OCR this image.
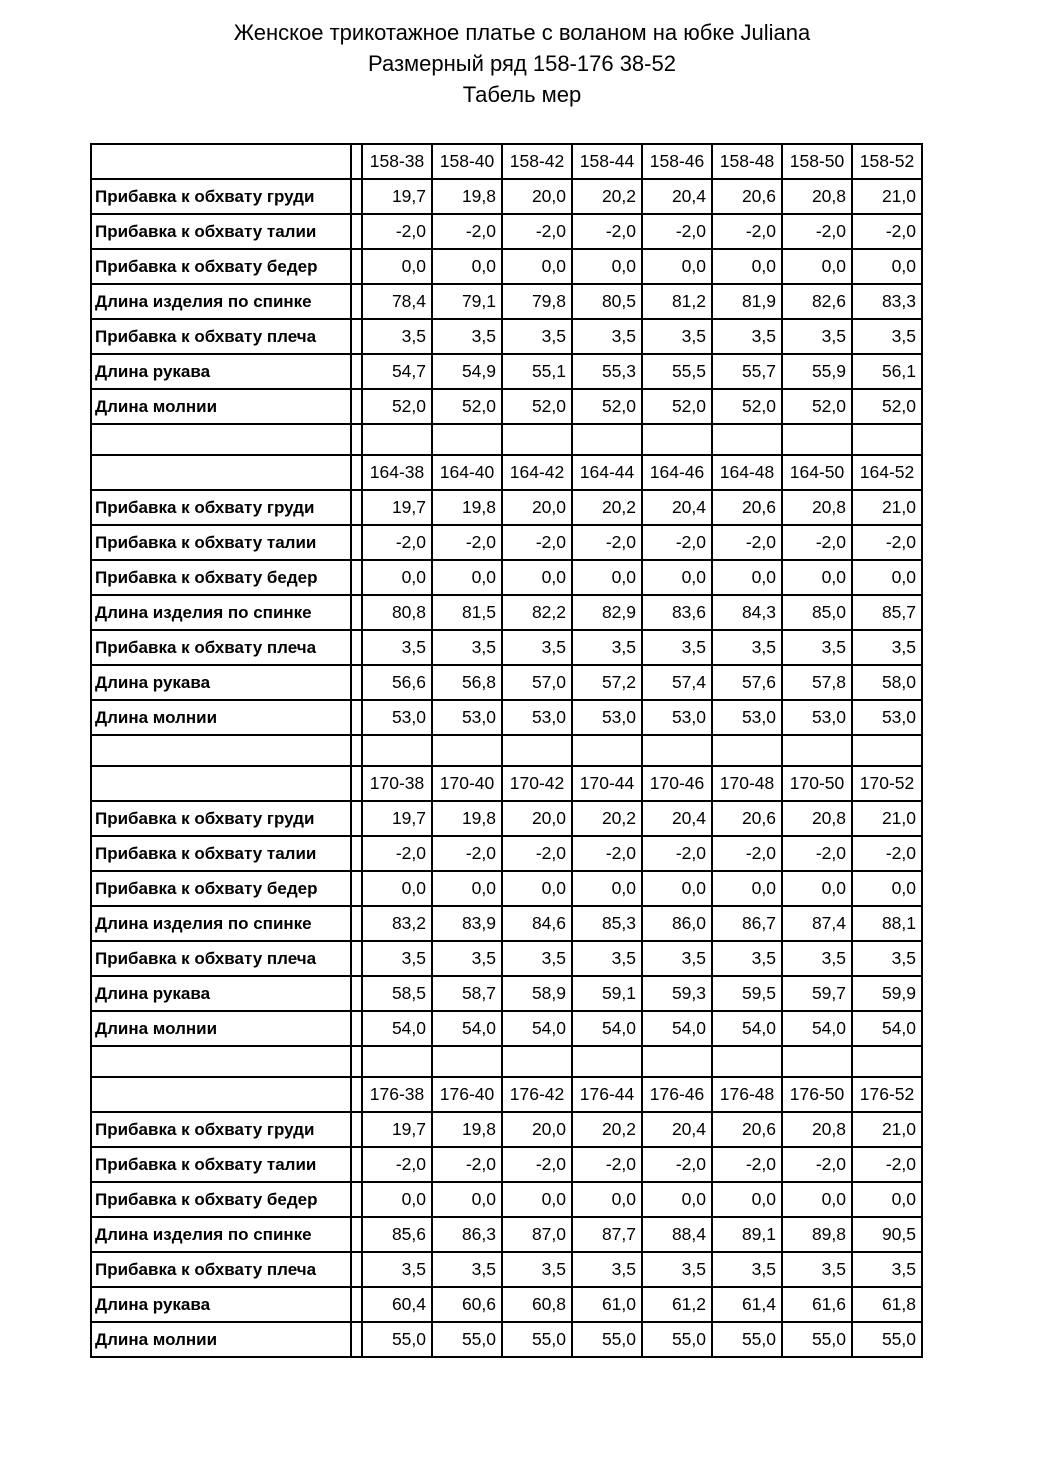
Женское трикотажное платье с воланом на юбке Juliana
Размерный ряд 158-176 38-52
Табель мер
		158-38	158-40	158-42	158-44	158-46	158-48	158-50	158-52
Прибавка к обхвату груди		19,7	19,8	20,0	20,2	20,4	20,6	20,8	21,0
Прибавка к обхвату талии		-2,0	-2,0	-2,0	-2,0	-2,0	-2,0	-2,0	-2,0
Прибавка к обхвату бедер		0,0	0,0	0,0	0,0	0,0	0,0	0,0	0,0
Длина изделия по спинке		78,4	79,1	79,8	80,5	81,2	81,9	82,6	83,3
Прибавка к обхвату плеча		3,5	3,5	3,5	3,5	3,5	3,5	3,5	3,5
Длина рукава		54,7	54,9	55,1	55,3	55,5	55,7	55,9	56,1
Длина молнии		52,0	52,0	52,0	52,0	52,0	52,0	52,0	52,0

		164-38	164-40	164-42	164-44	164-46	164-48	164-50	164-52
Прибавка к обхвату груди		19,7	19,8	20,0	20,2	20,4	20,6	20,8	21,0
Прибавка к обхвату талии		-2,0	-2,0	-2,0	-2,0	-2,0	-2,0	-2,0	-2,0
Прибавка к обхвату бедер		0,0	0,0	0,0	0,0	0,0	0,0	0,0	0,0
Длина изделия по спинке		80,8	81,5	82,2	82,9	83,6	84,3	85,0	85,7
Прибавка к обхвату плеча		3,5	3,5	3,5	3,5	3,5	3,5	3,5	3,5
Длина рукава		56,6	56,8	57,0	57,2	57,4	57,6	57,8	58,0
Длина молнии		53,0	53,0	53,0	53,0	53,0	53,0	53,0	53,0

		170-38	170-40	170-42	170-44	170-46	170-48	170-50	170-52
Прибавка к обхвату груди		19,7	19,8	20,0	20,2	20,4	20,6	20,8	21,0
Прибавка к обхвату талии		-2,0	-2,0	-2,0	-2,0	-2,0	-2,0	-2,0	-2,0
Прибавка к обхвату бедер		0,0	0,0	0,0	0,0	0,0	0,0	0,0	0,0
Длина изделия по спинке		83,2	83,9	84,6	85,3	86,0	86,7	87,4	88,1
Прибавка к обхвату плеча		3,5	3,5	3,5	3,5	3,5	3,5	3,5	3,5
Длина рукава		58,5	58,7	58,9	59,1	59,3	59,5	59,7	59,9
Длина молнии		54,0	54,0	54,0	54,0	54,0	54,0	54,0	54,0

		176-38	176-40	176-42	176-44	176-46	176-48	176-50	176-52
Прибавка к обхвату груди		19,7	19,8	20,0	20,2	20,4	20,6	20,8	21,0
Прибавка к обхвату талии		-2,0	-2,0	-2,0	-2,0	-2,0	-2,0	-2,0	-2,0
Прибавка к обхвату бедер		0,0	0,0	0,0	0,0	0,0	0,0	0,0	0,0
Длина изделия по спинке		85,6	86,3	87,0	87,7	88,4	89,1	89,8	90,5
Прибавка к обхвату плеча		3,5	3,5	3,5	3,5	3,5	3,5	3,5	3,5
Длина рукава		60,4	60,6	60,8	61,0	61,2	61,4	61,6	61,8
Длина молнии		55,0	55,0	55,0	55,0	55,0	55,0	55,0	55,0
